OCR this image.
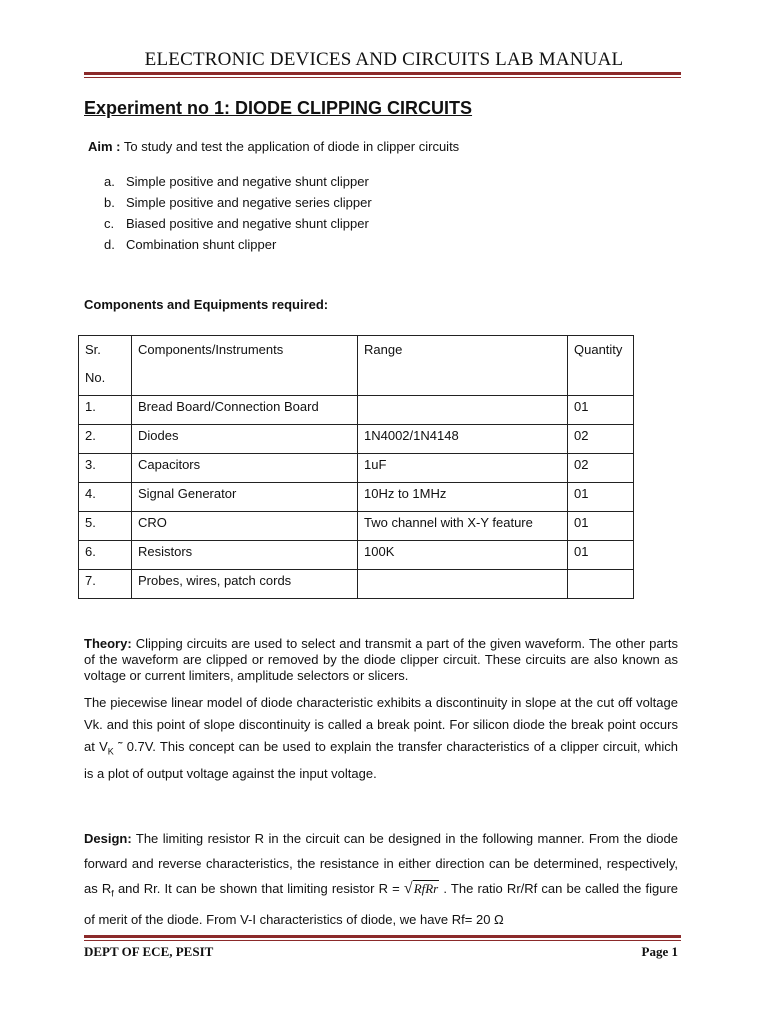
ELECTRONIC DEVICES AND CIRCUITS LAB MANUAL
Experiment no 1: DIODE CLIPPING CIRCUITS
Aim : To study and test the application of diode in clipper circuits
a. Simple positive and negative shunt clipper
b. Simple positive and negative series clipper
c. Biased positive and negative shunt clipper
d. Combination shunt clipper
Components and Equipments required:
Sr.
No.	Components/Instruments	Range	Quantity
1.	Bread Board/Connection Board		01
2.	Diodes	1N4002/1N4148	02
3.	Capacitors	1uF	02
4.	Signal Generator	10Hz to 1MHz	01
5.	CRO	Two channel with X-Y feature	01
6.	Resistors	100K	01
7.	Probes, wires, patch cords		
Theory: Clipping circuits are used to select and transmit a part of the given waveform. The other parts of the waveform are clipped or removed by the diode clipper circuit. These circuits are also known as voltage or current limiters, amplitude selectors or slicers.
The piecewise linear model of diode characteristic exhibits a discontinuity in slope at the cut off voltage Vk. and this point of slope discontinuity is called a break point. For silicon diode the break point occurs at $V_K$ ˜ 0.7V. This concept can be used to explain the transfer characteristics of a clipper circuit, which is a plot of output voltage against the input voltage.
Design: The limiting resistor R in the circuit can be designed in the following manner. From the diode forward and reverse characteristics, the resistance in either direction can be determined, respectively, as $R_f$ and Rr. It can be shown that limiting resistor R = √RfRr . The ratio Rr/Rf can be called the figure of merit of the diode. From V-I characteristics of diode, we have Rf= 20 Ω
DEPT OF ECE, PESIT	Page 1
